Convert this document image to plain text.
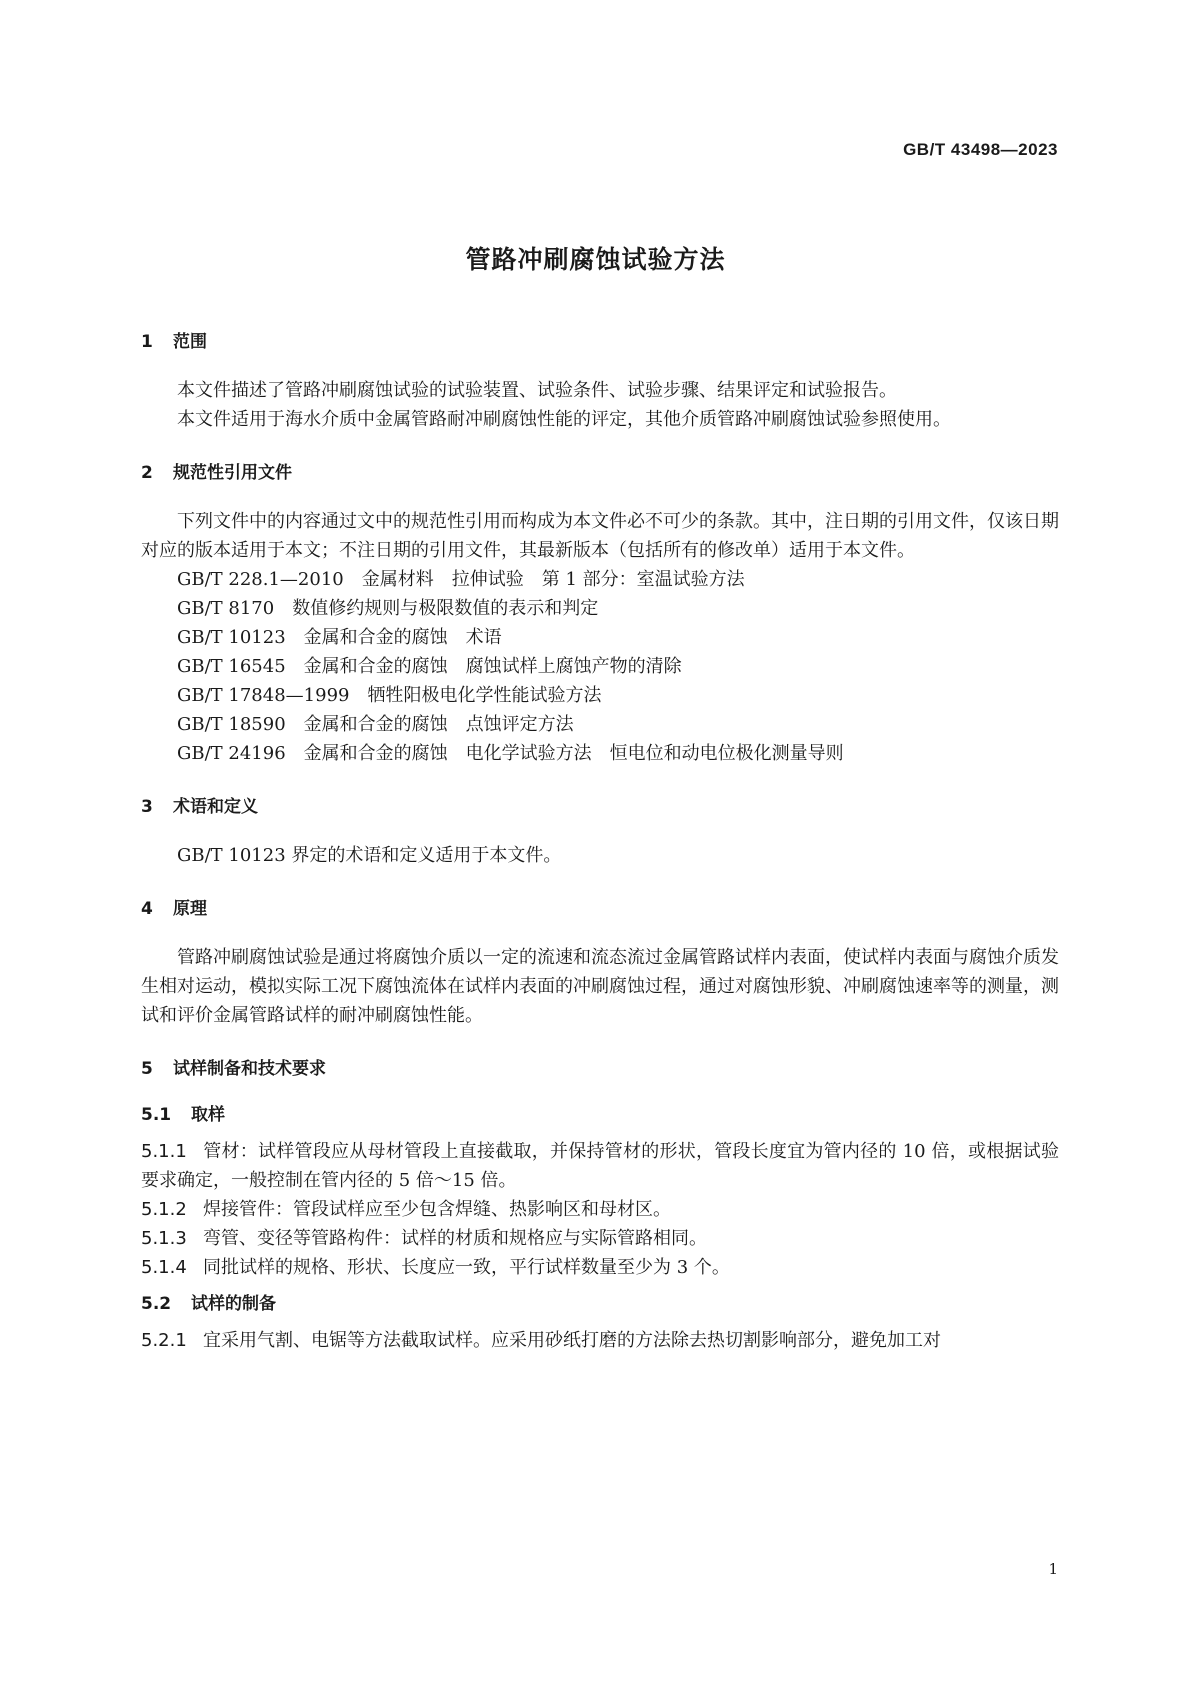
GB/T 43498—2023
管路冲刷腐蚀试验方法
1	范围

本文件描述了管路冲刷腐蚀试验的试验装置、试验条件、试验步骤、结果评定和试验报告。

本文件适用于海水介质中金属管路耐冲刷腐蚀性能的评定，其他介质管路冲刷腐蚀试验参照使用。

2	规范性引用文件

下列文件中的内容通过文中的规范性引用而构成为本文件必不可少的条款。其中，注日期的引用文件，仅该日期对应的版本适用于本文；不注日期的引用文件，其最新版本（包括所有的修改单）适用于本文件。

GB/T 228.1—2010　金属材料　拉伸试验　第 1 部分：室温试验方法
GB/T 8170　数值修约规则与极限数值的表示和判定
GB/T 10123　金属和合金的腐蚀　术语
GB/T 16545　金属和合金的腐蚀　腐蚀试样上腐蚀产物的清除
GB/T 17848—1999　牺牲阳极电化学性能试验方法
GB/T 18590　金属和合金的腐蚀　点蚀评定方法
GB/T 24196　金属和合金的腐蚀　电化学试验方法　恒电位和动电位极化测量导则
3	术语和定义

GB/T 10123 界定的术语和定义适用于本文件。

4	原理

管路冲刷腐蚀试验是通过将腐蚀介质以一定的流速和流态流过金属管路试样内表面，使试样内表面与腐蚀介质发生相对运动，模拟实际工况下腐蚀流体在试样内表面的冲刷腐蚀过程，通过对腐蚀形貌、冲刷腐蚀速率等的测量，测试和评价金属管路试样的耐冲刷腐蚀性能。

5	试样制备和技术要求
5.1	取样
5.1.1 管材：试样管段应从母材管段上直接截取，并保持管材的形状，管段长度宜为管内径的 10 倍，或根据试验要求确定，一般控制在管内径的 5 倍～15 倍。
5.1.2 焊接管件：管段试样应至少包含焊缝、热影响区和母材区。
5.1.3 弯管、变径等管路构件：试样的材质和规格应与实际管路相同。
5.1.4 同批试样的规格、形状、长度应一致，平行试样数量至少为 3 个。
5.2	试样的制备
5.2.1 宜采用气割、电锯等方法截取试样。应采用砂纸打磨的方法除去热切割影响部分，避免加工对
1
